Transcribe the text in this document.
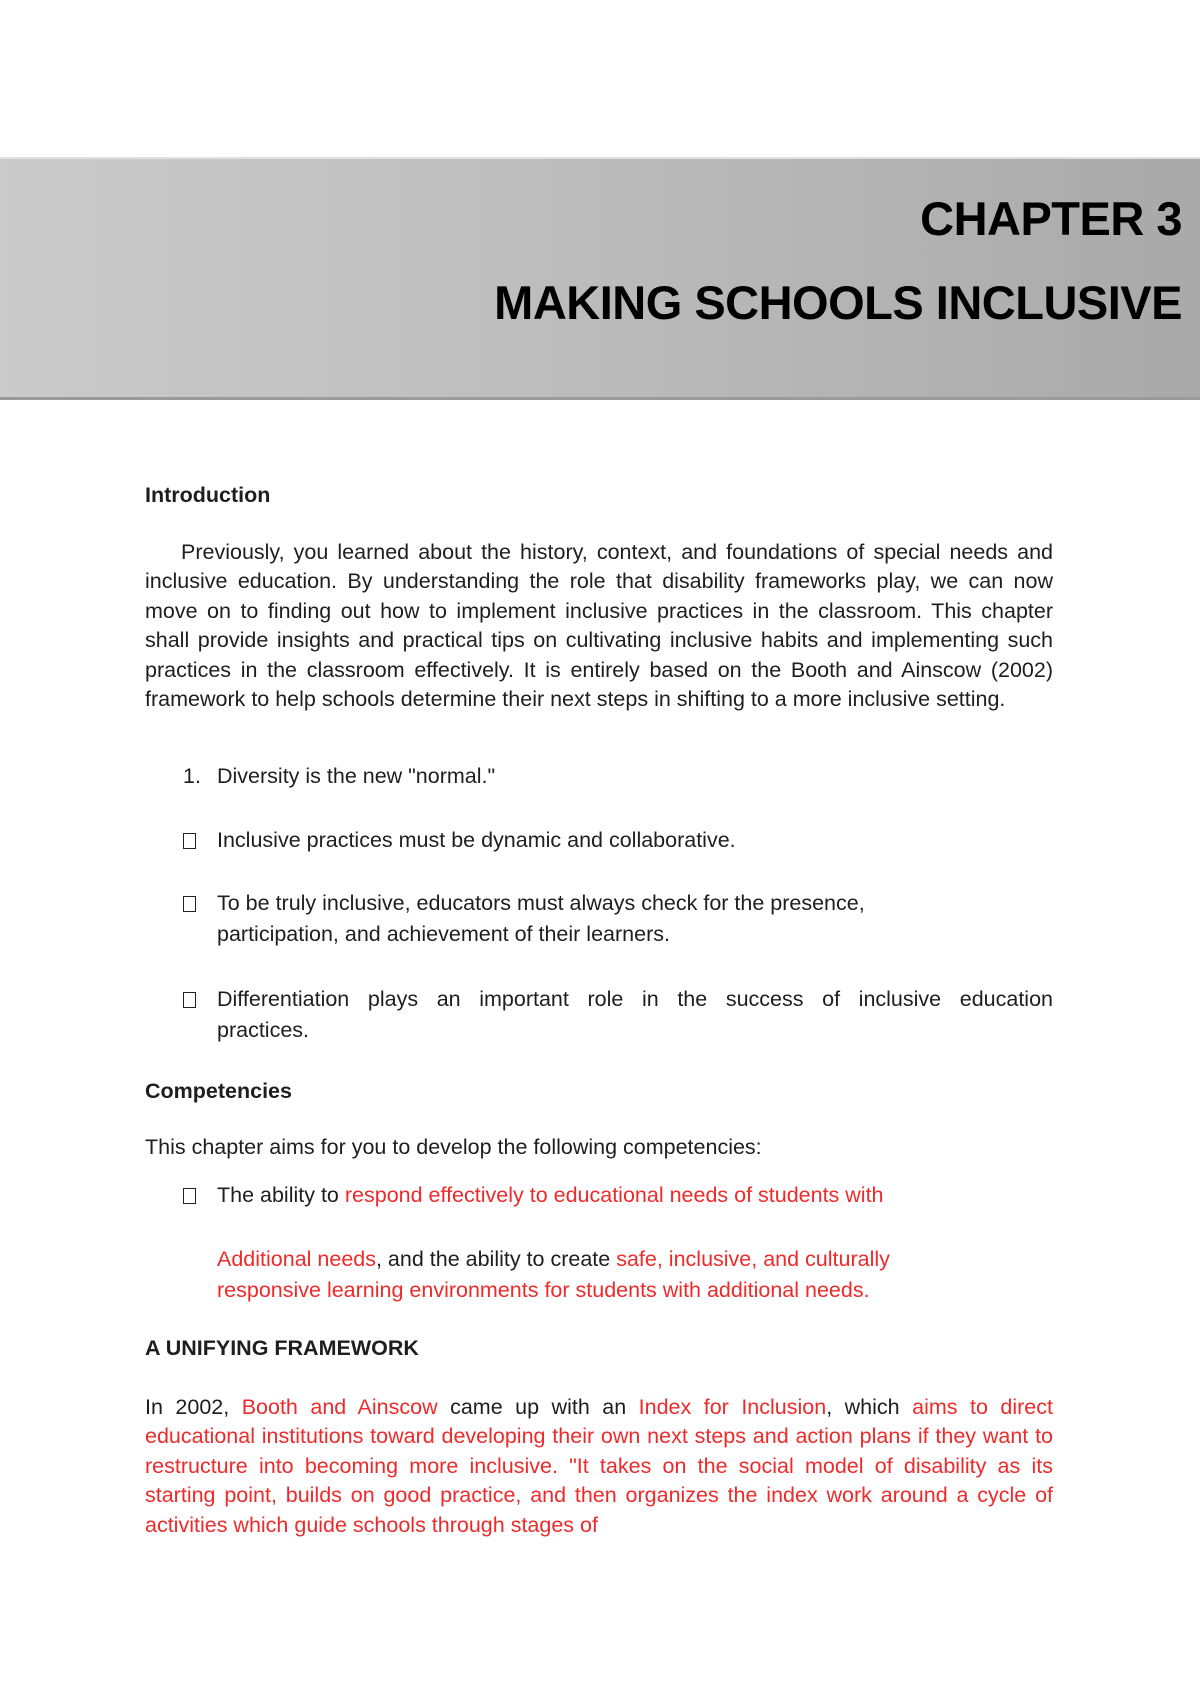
CHAPTER 3
MAKING SCHOOLS INCLUSIVE
Introduction
Previously, you learned about the history, context, and foundations of special needs and inclusive education. By understanding the role that disability frameworks play, we can now move on to finding out how to implement inclusive practices in the classroom. This chapter shall provide insights and practical tips on cultivating inclusive habits and implementing such practices in the classroom effectively. It is entirely based on the Booth and Ainscow (2002) framework to help schools determine their next steps in shifting to a more inclusive setting.
1. Diversity is the new "normal."
Inclusive practices must be dynamic and collaborative.
To be truly inclusive, educators must always check for the presence,
participation, and achievement of their learners.
Differentiation plays an important role in the success of inclusive education
practices.
Competencies
This chapter aims for you to develop the following competencies:
The ability to respond effectively to educational needs of students with
Additional needs, and the ability to create safe, inclusive, and culturally
responsive learning environments for students with additional needs.
A UNIFYING FRAMEWORK
In 2002, Booth and Ainscow came up with an Index for Inclusion, which aims to direct educational institutions toward developing their own next steps and action plans if they want to restructure into becoming more inclusive. "It takes on the social model of disability as its starting point, builds on good practice, and then organizes the index work around a cycle of activities which guide schools through stages of
